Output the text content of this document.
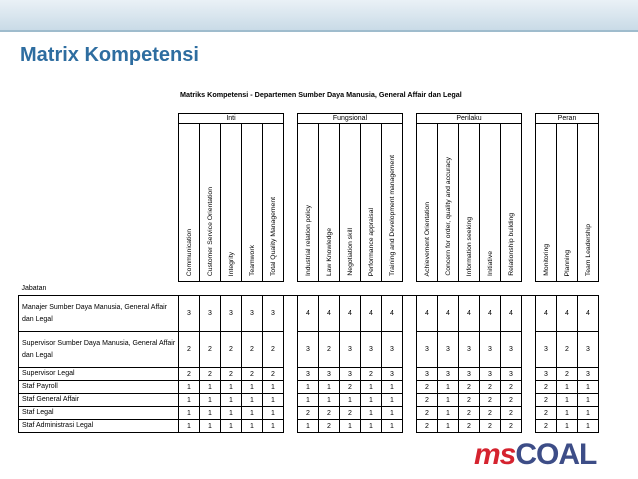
Matrix Kompetensi
Matriks Kompetensi - Departemen Sumber Daya Manusia, General Affair dan Legal
	Inti						Fungsional						Perilaku						Peran		
	Communication	Customer Service Orientation	Integrity	Teamwork	Total Quality Management		Industrial relation policy	Law Knowledge	Negotiation skill	Performance appraisal	Training and Development management		Achievement Orientation	Concern for order, quality and accuracy	Information seeking	Initiative	Relationship building		Monitoring	Planning	Team Leadership
Jabatan																					
Manajer Sumber Daya Manusia, General Affair dan Legal	3	3	3	3	3		4	4	4	4	4		4	4	4	4	4		4	4	4
Supervisor Sumber Daya Manusia, General Affair dan Legal	2	2	2	2	2		3	2	3	3	3		3	3	3	3	3		3	2	3
Supervisor Legal	2	2	2	2	2		3	3	3	2	3		3	3	3	3	3		3	2	3
Staf Payroll	1	1	1	1	1		1	1	2	1	1		2	1	2	2	2		2	1	1
Staf General Affair	1	1	1	1	1		1	1	1	1	1		2	1	2	2	2		2	1	1
Staf Legal	1	1	1	1	1		2	2	2	1	1		2	1	2	2	2		2	1	1
Staf Administrasi Legal	1	1	1	1	1		1	2	1	1	1		2	1	2	2	2		2	1	1
msCOAL
